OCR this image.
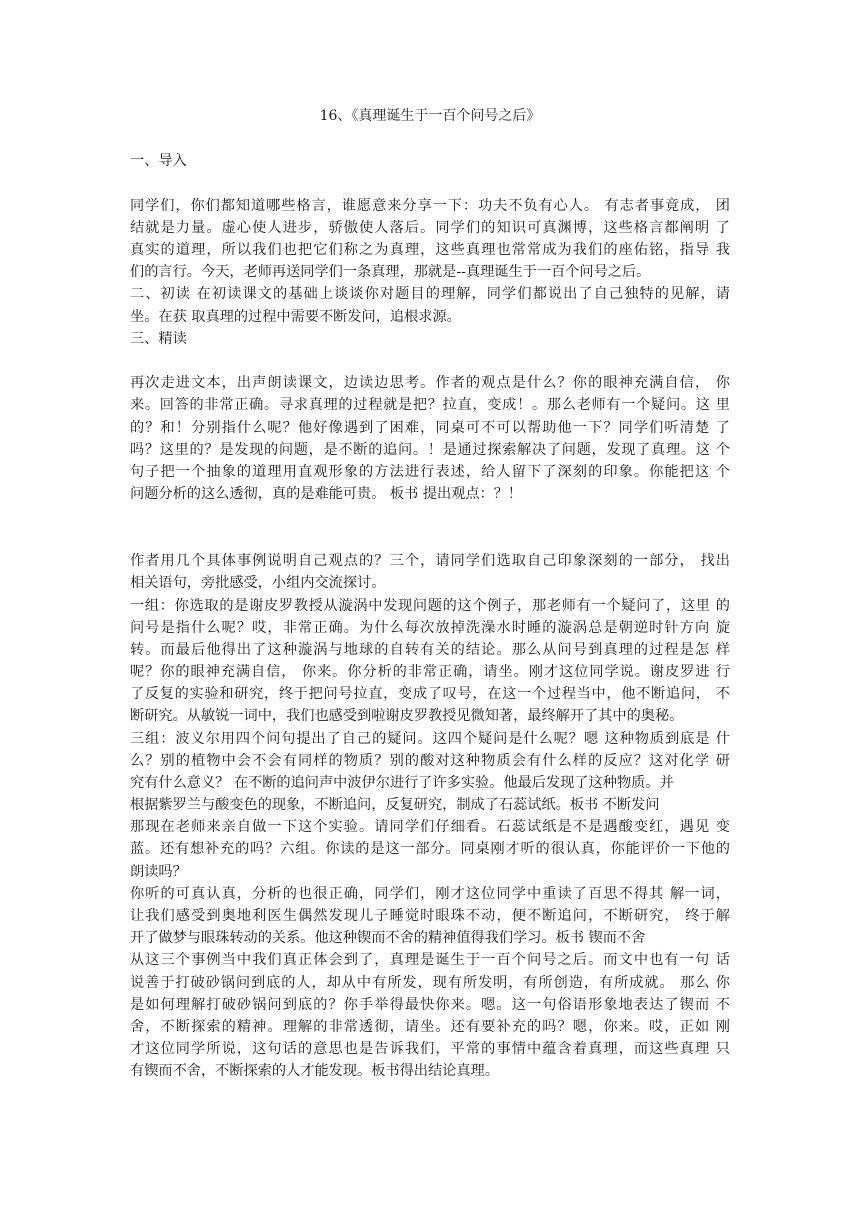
16、《真理诞生于一百个问号之后》
一、导入
同学们，你们都知道哪些格言，谁愿意来分享一下：功夫不负有心人。 有志者事竟成， 团
结就是力量。虚心使人进步，骄傲使人落后。同学们的知识可真渊博，这些格言都阐明 了
真实的道理，所以我们也把它们称之为真理，这些真理也常常成为我们的座佑铭，指导 我
们的言行。今天，老师再送同学们一条真理，那就是--真理诞生于一百个问号之后。
二、初读 在初读课文的基础上谈谈你对题目的理解，同学们都说出了自己独特的见解，请
坐。在获 取真理的过程中需要不断发问，追根求源。
三、精读
再次走进文本，出声朗读课文，边读边思考。作者的观点是什么？你的眼神充满自信， 你
来。回答的非常正确。寻求真理的过程就是把？拉直，变成！。那么老师有一个疑问。这 里
的？和！分别指什么呢？他好像遇到了困难，同桌可不可以帮助他一下？同学们听清楚 了
吗？这里的？是发现的问题，是不断的追问。！是通过探索解决了问题，发现了真理。这 个
句子把一个抽象的道理用直观形象的方法进行表述，给人留下了深刻的印象。你能把这 个
问题分析的这么透彻，真的是难能可贵。 板书 提出观点：？！
作者用几个具体事例说明自己观点的？三个，请同学们选取自己印象深刻的一部分， 找出
相关语句，旁批感受，小组内交流探讨。
一组：你选取的是谢皮罗教授从漩涡中发现问题的这个例子，那老师有一个疑问了，这里 的
问号是指什么呢？哎，非常正确。为什么每次放掉洗澡水时睡的漩涡总是朝逆时针方向 旋
转。而最后他得出了这种漩涡与地球的自转有关的结论。那么从问号到真理的过程是怎 样
呢？你的眼神充满自信， 你来。你分析的非常正确，请坐。刚才这位同学说。谢皮罗进 行
了反复的实验和研究，终于把问号拉直，变成了叹号，在这一个过程当中，他不断追问， 不
断研究。从敏锐一词中，我们也感受到啦谢皮罗教授见微知著，最终解开了其中的奥秘。
三组：波义尔用四个问句提出了自己的疑问。这四个疑问是什么呢？嗯 这种物质到底是 什
么？别的植物中会不会有同样的物质？别的酸对这种物质会有什么样的反应？这对化学 研
究有什么意义？ 在不断的追问声中波伊尔进行了许多实验。他最后发现了这种物质。并
根据紫罗兰与酸变色的现象，不断追问，反复研究，制成了石蕊试纸。板书 不断发问
那现在老师来亲自做一下这个实验。请同学们仔细看。石蕊试纸是不是遇酸变红，遇见 变
蓝。还有想补充的吗？六组。你读的是这一部分。同桌刚才听的很认真，你能评价一下他的
朗读吗？
你听的可真认真，分析的也很正确，同学们，刚才这位同学中重读了百思不得其 解一词，
让我们感受到奥地利医生偶然发现儿子睡觉时眼珠不动，便不断追问，不断研究， 终于解
开了做梦与眼珠转动的关系。他这种锲而不舍的精神值得我们学习。板书 锲而不舍
从这三个事例当中我们真正体会到了，真理是诞生于一百个问号之后。而文中也有一句 话
说善于打破砂锅问到底的人，却从中有所发，现有所发明，有所创造，有所成就。 那么 你
是如何理解打破砂锅问到底的？你手举得最快你来。嗯。这一句俗语形象地表达了锲而 不
舍，不断探索的精神。理解的非常透彻，请坐。还有要补充的吗？嗯，你来。哎，正如 刚
才这位同学所说，这句话的意思也是告诉我们，平常的事情中蕴含着真理，而这些真理 只
有锲而不舍，不断探索的人才能发现。板书得出结论真理。
